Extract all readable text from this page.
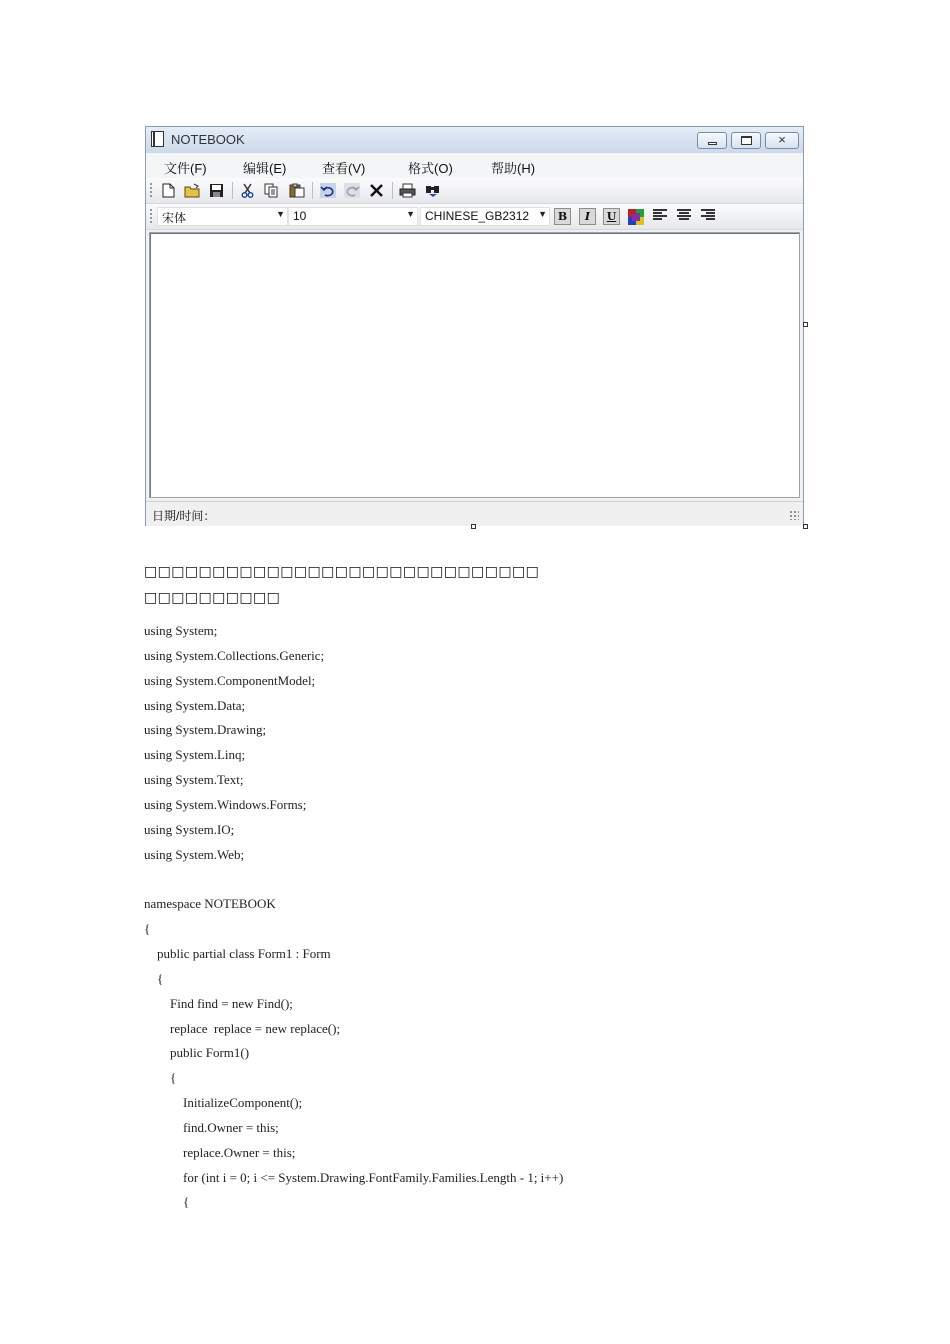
NOTEBOOK	×
文件(F)	编辑(E)	查看(V)	格式(O)	帮助(H)
宋体	▼ 10	▼ CHINESE_GB2312 ▼ B	I	U
日期/时间：
□□□□□□□□□□□□□□□□□□□□□□□□□□□□□
□□□□□□□□□□
using System;
using System.Collections.Generic;
using System.ComponentModel;
using System.Data;
using System.Drawing;
using System.Linq;
using System.Text;
using System.Windows.Forms;
using System.IO;
using System.Web;
namespace NOTEBOOK
{
public partial class Form1 : Form
{
Find find = new Find();
replace  replace = new replace();
public Form1()
{
InitializeComponent();
find.Owner = this;
replace.Owner = this;
for (int i = 0; i <= System.Drawing.FontFamily.Families.Length - 1; i++)
{
